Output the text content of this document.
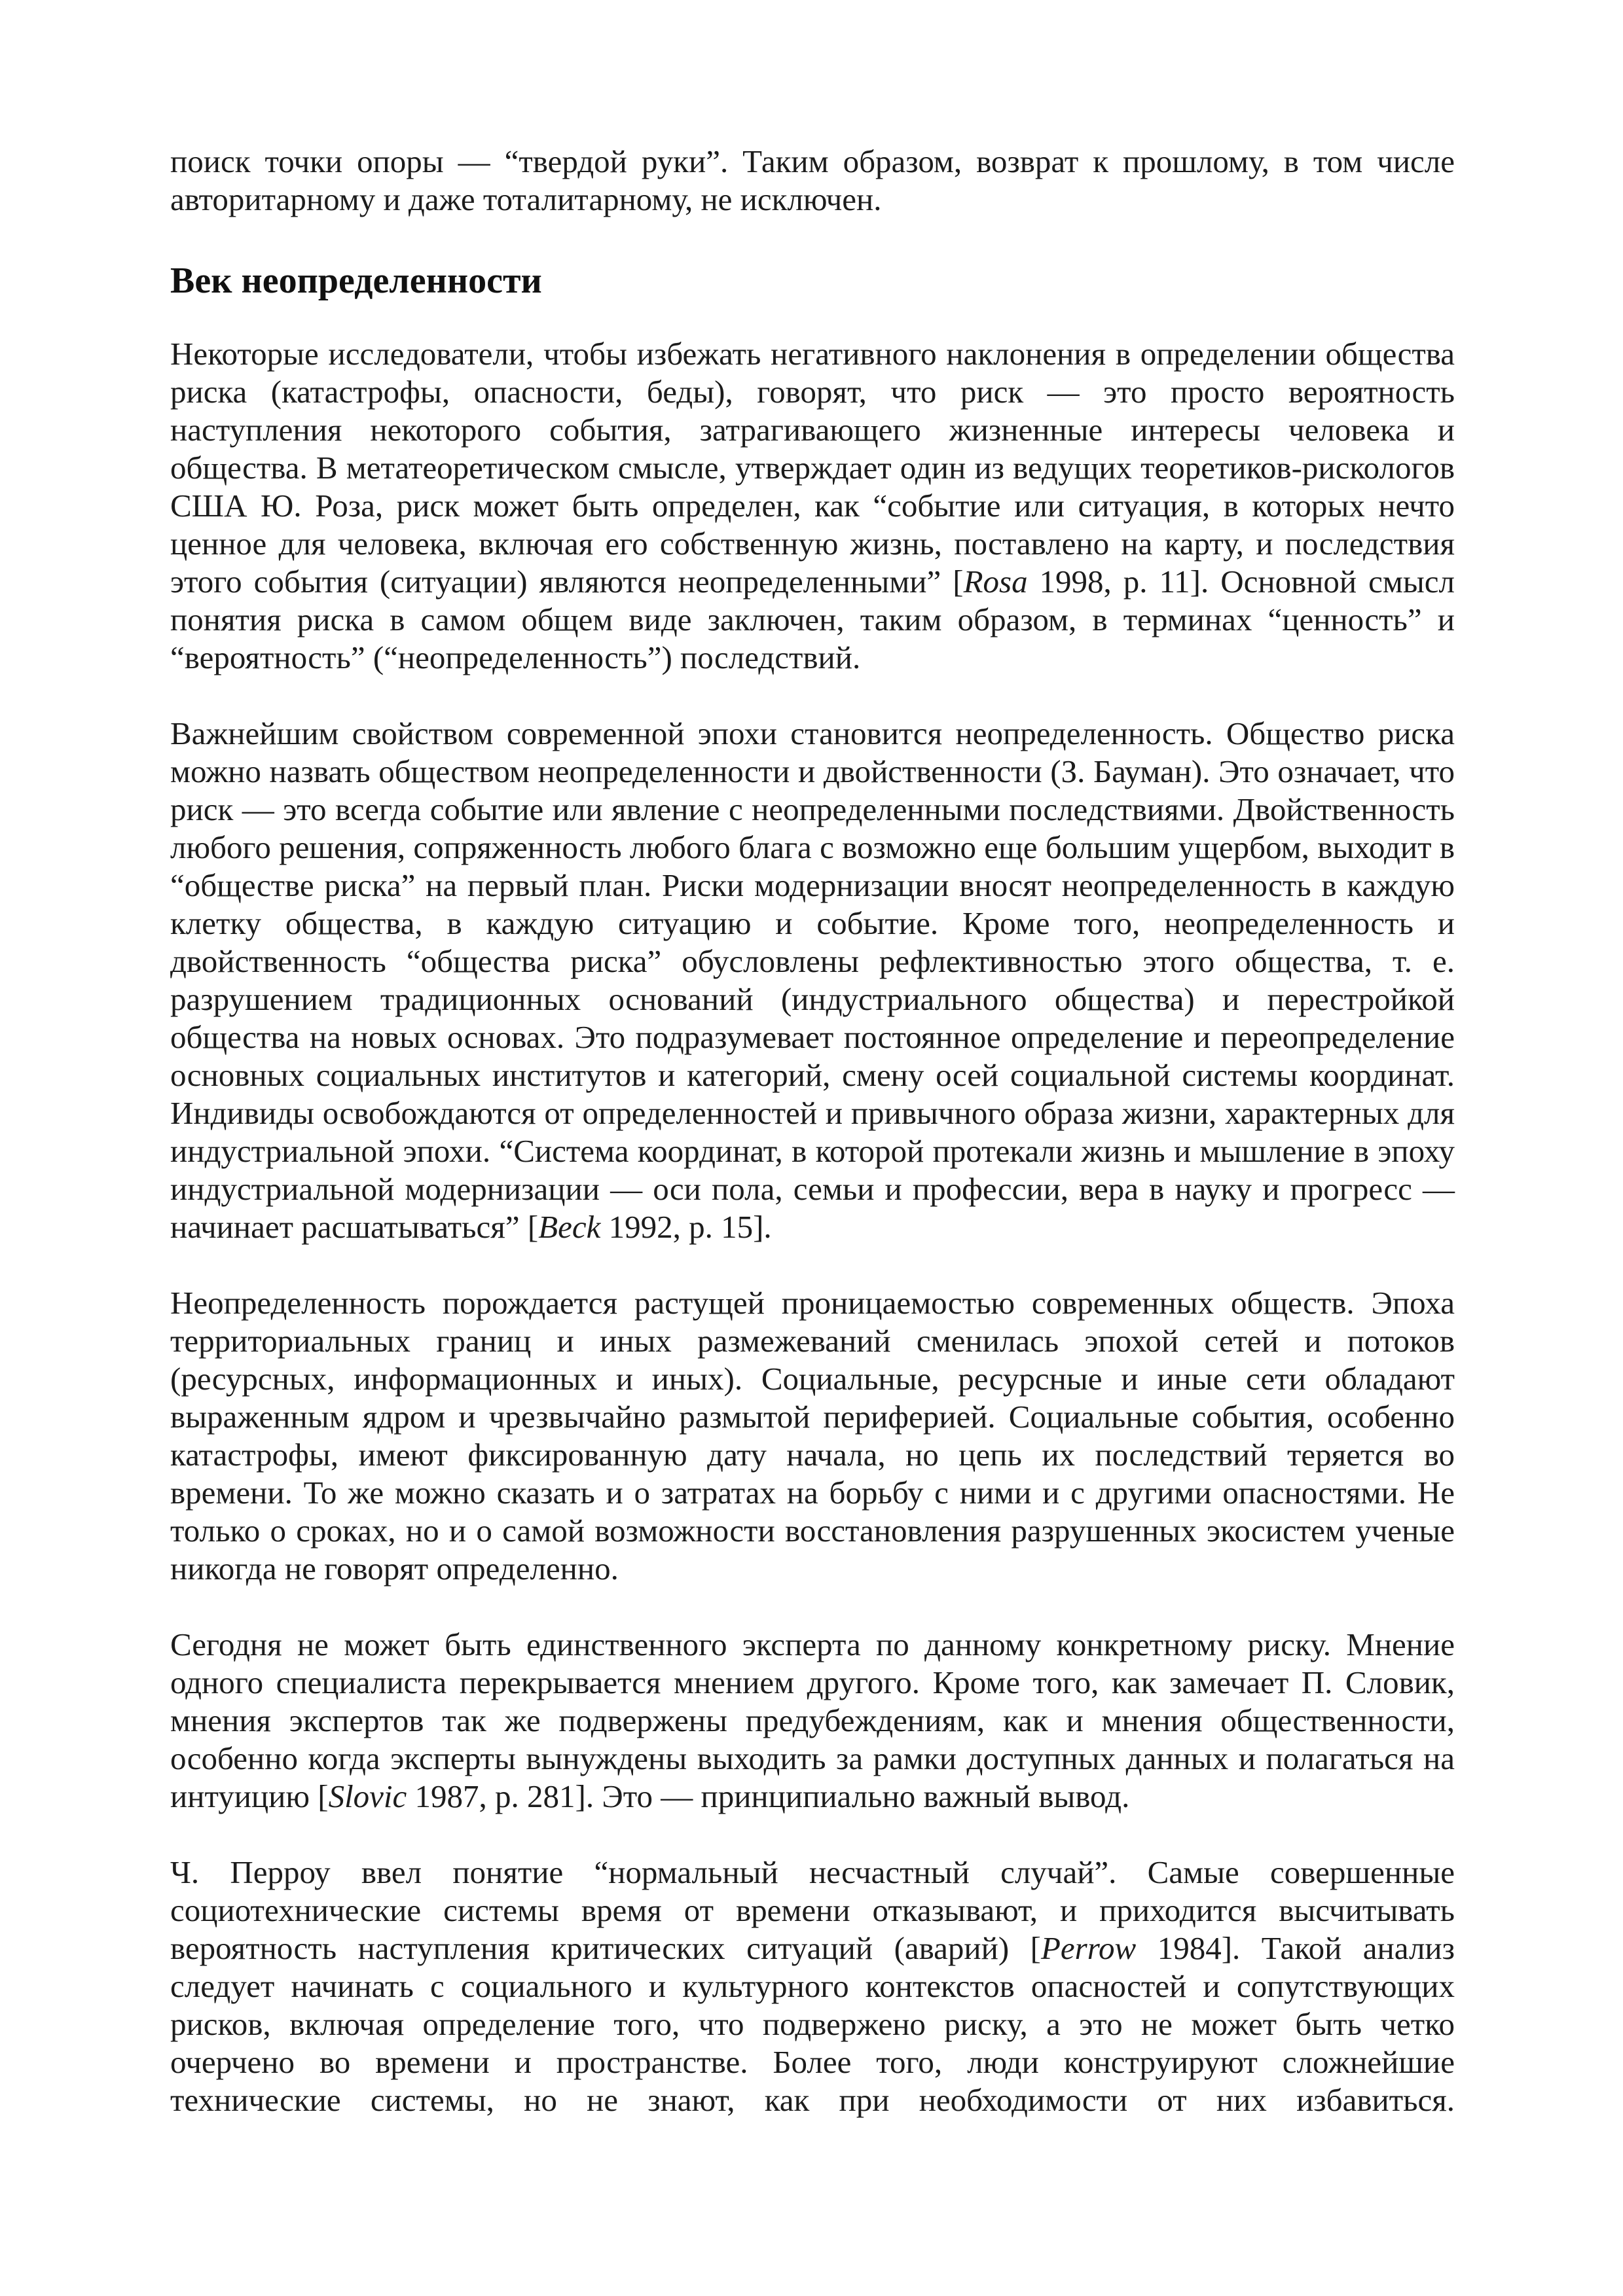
поиск точки опоры — “твердой руки”. Таким образом, возврат к прошлому, в том числе авторитарному и даже тоталитарному, не исключен.

Век неопределенности

Некоторые исследователи, чтобы избежать негативного наклонения в определении общества риска (катастрофы, опасности, беды), говорят, что риск — это просто вероятность наступления некоторого события, затрагивающего жизненные интересы человека и общества. В метатеоретическом смысле, утверждает один из ведущих теоретиков-рискологов США Ю. Роза, риск может быть определен, как “событие или ситуация, в которых нечто ценное для человека, включая его собственную жизнь, поставлено на карту, и последствия этого события (ситуации) являются неопределенными” [Rosa 1998, p. 11]. Основной смысл понятия риска в самом общем виде заключен, таким образом, в терминах “ценность” и “вероятность” (“неопределенность”) последствий.

Важнейшим свойством современной эпохи становится неопределенность. Общество риска можно назвать обществом неопределенности и двойственности (З. Бауман). Это означает, что риск — это всегда событие или явление с неопределенными последствиями. Двойственность любого решения, сопряженность любого блага с возможно еще большим ущербом, выходит в “обществе риска” на первый план. Риски модернизации вносят неопределенность в каждую клетку общества, в каждую ситуацию и событие. Кроме того, неопределенность и двойственность “общества риска” обусловлены рефлективностью этого общества, т. е. разрушением традиционных оснований (индустриального общества) и перестройкой общества на новых основах. Это подразумевает постоянное определение и переопределение основных социальных институтов и категорий, смену осей социальной системы координат. Индивиды освобождаются от определенностей и привычного образа жизни, характерных для индустриальной эпохи. “Система координат, в которой протекали жизнь и мышление в эпоху индустриальной модернизации — оси пола, семьи и профессии, вера в науку и прогресс — начинает расшатываться” [Beck 1992, p. 15].

Неопределенность порождается растущей проницаемостью современных обществ. Эпоха территориальных границ и иных размежеваний сменилась эпохой сетей и потоков (ресурсных, информационных и иных). Социальные, ресурсные и иные сети обладают выраженным ядром и чрезвычайно размытой периферией. Социальные события, особенно катастрофы, имеют фиксированную дату начала, но цепь их последствий теряется во времени. То же можно сказать и о затратах на борьбу с ними и с другими опасностями. Не только о сроках, но и о самой возможности восстановления разрушенных экосистем ученые никогда не говорят определенно.

Сегодня не может быть единственного эксперта по данному конкретному риску. Мнение одного специалиста перекрывается мнением другого. Кроме того, как замечает П. Словик, мнения экспертов так же подвержены предубеждениям, как и мнения общественности, особенно когда эксперты вынуждены выходить за рамки доступных данных и полагаться на интуицию [Slovic 1987, p. 281]. Это — принципиально важный вывод.

Ч. Перроу ввел понятие “нормальный несчастный случай”. Самые совершенные социотехнические системы время от времени отказывают, и приходится высчитывать вероятность наступления критических ситуаций (аварий) [Perrow 1984]. Такой анализ следует начинать с социального и культурного контекстов опасностей и сопутствующих рисков, включая определение того, что подвержено риску, а это не может быть четко очерчено во времени и пространстве. Более того, люди конструируют сложнейшие технические системы, но не знают, как при необходимости от них избавиться.
